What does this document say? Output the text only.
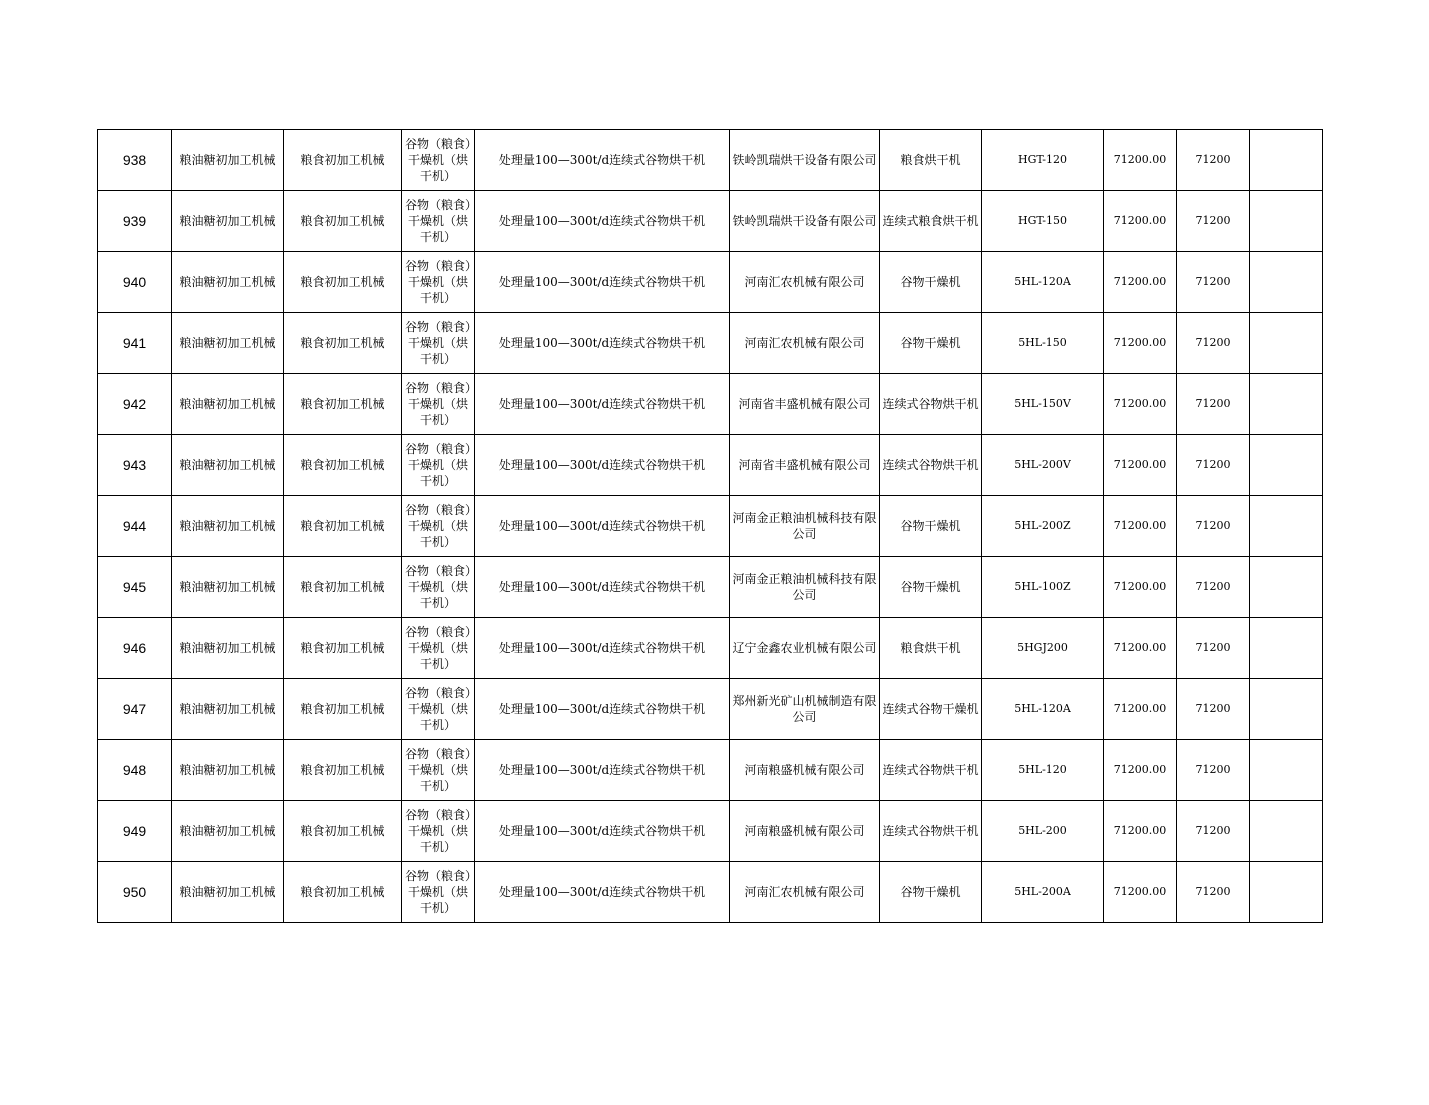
938	粮油糖初加工机械	粮食初加工机械	谷物（粮食）干燥机（烘干机）	处理量100—300t/d连续式谷物烘干机	铁岭凯瑞烘干设备有限公司	粮食烘干机	HGT-120	71200.00	71200	
939	粮油糖初加工机械	粮食初加工机械	谷物（粮食）干燥机（烘干机）	处理量100—300t/d连续式谷物烘干机	铁岭凯瑞烘干设备有限公司	连续式粮食烘干机	HGT-150	71200.00	71200	
940	粮油糖初加工机械	粮食初加工机械	谷物（粮食）干燥机（烘干机）	处理量100—300t/d连续式谷物烘干机	河南汇农机械有限公司	谷物干燥机	5HL-120A	71200.00	71200	
941	粮油糖初加工机械	粮食初加工机械	谷物（粮食）干燥机（烘干机）	处理量100—300t/d连续式谷物烘干机	河南汇农机械有限公司	谷物干燥机	5HL-150	71200.00	71200	
942	粮油糖初加工机械	粮食初加工机械	谷物（粮食）干燥机（烘干机）	处理量100—300t/d连续式谷物烘干机	河南省丰盛机械有限公司	连续式谷物烘干机	5HL-150V	71200.00	71200	
943	粮油糖初加工机械	粮食初加工机械	谷物（粮食）干燥机（烘干机）	处理量100—300t/d连续式谷物烘干机	河南省丰盛机械有限公司	连续式谷物烘干机	5HL-200V	71200.00	71200	
944	粮油糖初加工机械	粮食初加工机械	谷物（粮食）干燥机（烘干机）	处理量100—300t/d连续式谷物烘干机	河南金正粮油机械科技有限公司	谷物干燥机	5HL-200Z	71200.00	71200	
945	粮油糖初加工机械	粮食初加工机械	谷物（粮食）干燥机（烘干机）	处理量100—300t/d连续式谷物烘干机	河南金正粮油机械科技有限公司	谷物干燥机	5HL-100Z	71200.00	71200	
946	粮油糖初加工机械	粮食初加工机械	谷物（粮食）干燥机（烘干机）	处理量100—300t/d连续式谷物烘干机	辽宁金鑫农业机械有限公司	粮食烘干机	5HGJ200	71200.00	71200	
947	粮油糖初加工机械	粮食初加工机械	谷物（粮食）干燥机（烘干机）	处理量100—300t/d连续式谷物烘干机	郑州新光矿山机械制造有限公司	连续式谷物干燥机	5HL-120A	71200.00	71200	
948	粮油糖初加工机械	粮食初加工机械	谷物（粮食）干燥机（烘干机）	处理量100—300t/d连续式谷物烘干机	河南粮盛机械有限公司	连续式谷物烘干机	5HL-120	71200.00	71200	
949	粮油糖初加工机械	粮食初加工机械	谷物（粮食）干燥机（烘干机）	处理量100—300t/d连续式谷物烘干机	河南粮盛机械有限公司	连续式谷物烘干机	5HL-200	71200.00	71200	
950	粮油糖初加工机械	粮食初加工机械	谷物（粮食）干燥机（烘干机）	处理量100—300t/d连续式谷物烘干机	河南汇农机械有限公司	谷物干燥机	5HL-200A	71200.00	71200	
